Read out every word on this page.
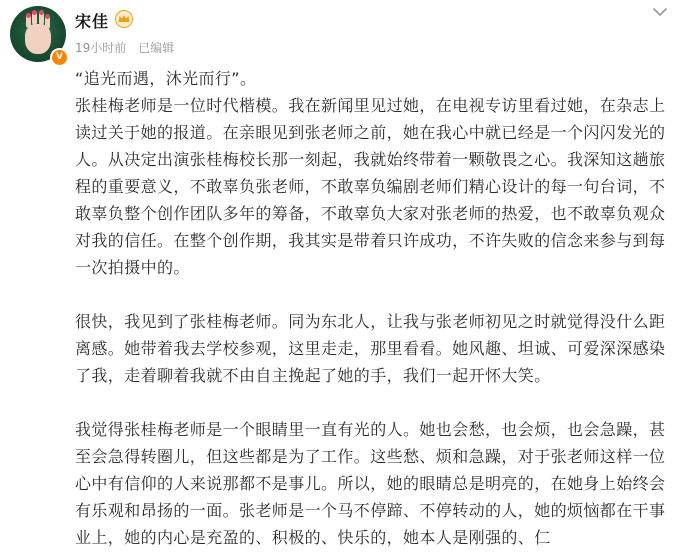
V
宋佳
19小时前 已编辑

“追光而遇，沐光而行”。

张桂梅老师是一位时代楷模。我在新闻里见过她，在电视专访里看过她，在杂志上读过关于她的报道。在亲眼见到张老师之前，她在我心中就已经是一个闪闪发光的人。从决定出演张桂梅校长那一刻起，我就始终带着一颗敬畏之心。我深知这趟旅程的重要意义，不敢辜负张老师，不敢辜负编剧老师们精心设计的每一句台词，不敢辜负整个创作团队多年的筹备，不敢辜负大家对张老师的热爱，也不敢辜负观众对我的信任。在整个创作期，我其实是带着只许成功，不许失败的信念来参与到每一次拍摄中的。

很快，我见到了张桂梅老师。同为东北人，让我与张老师初见之时就觉得没什么距离感。她带着我去学校参观，这里走走，那里看看。她风趣、坦诚、可爱深深感染了我，走着聊着我就不由自主挽起了她的手，我们一起开怀大笑。

我觉得张桂梅老师是一个眼睛里一直有光的人。她也会愁，也会烦，也会急躁，甚至会急得转圈儿，但这些都是为了工作。这些愁、烦和急躁，对于张老师这样一位心中有信仰的人来说那都不是事儿。所以，她的眼睛总是明亮的，在她身上始终会有乐观和昂扬的一面。张老师是一个马不停蹄、不停转动的人，她的烦恼都在干事业上，她的内心是充盈的、积极的、快乐的，她本人是刚强的、仁
